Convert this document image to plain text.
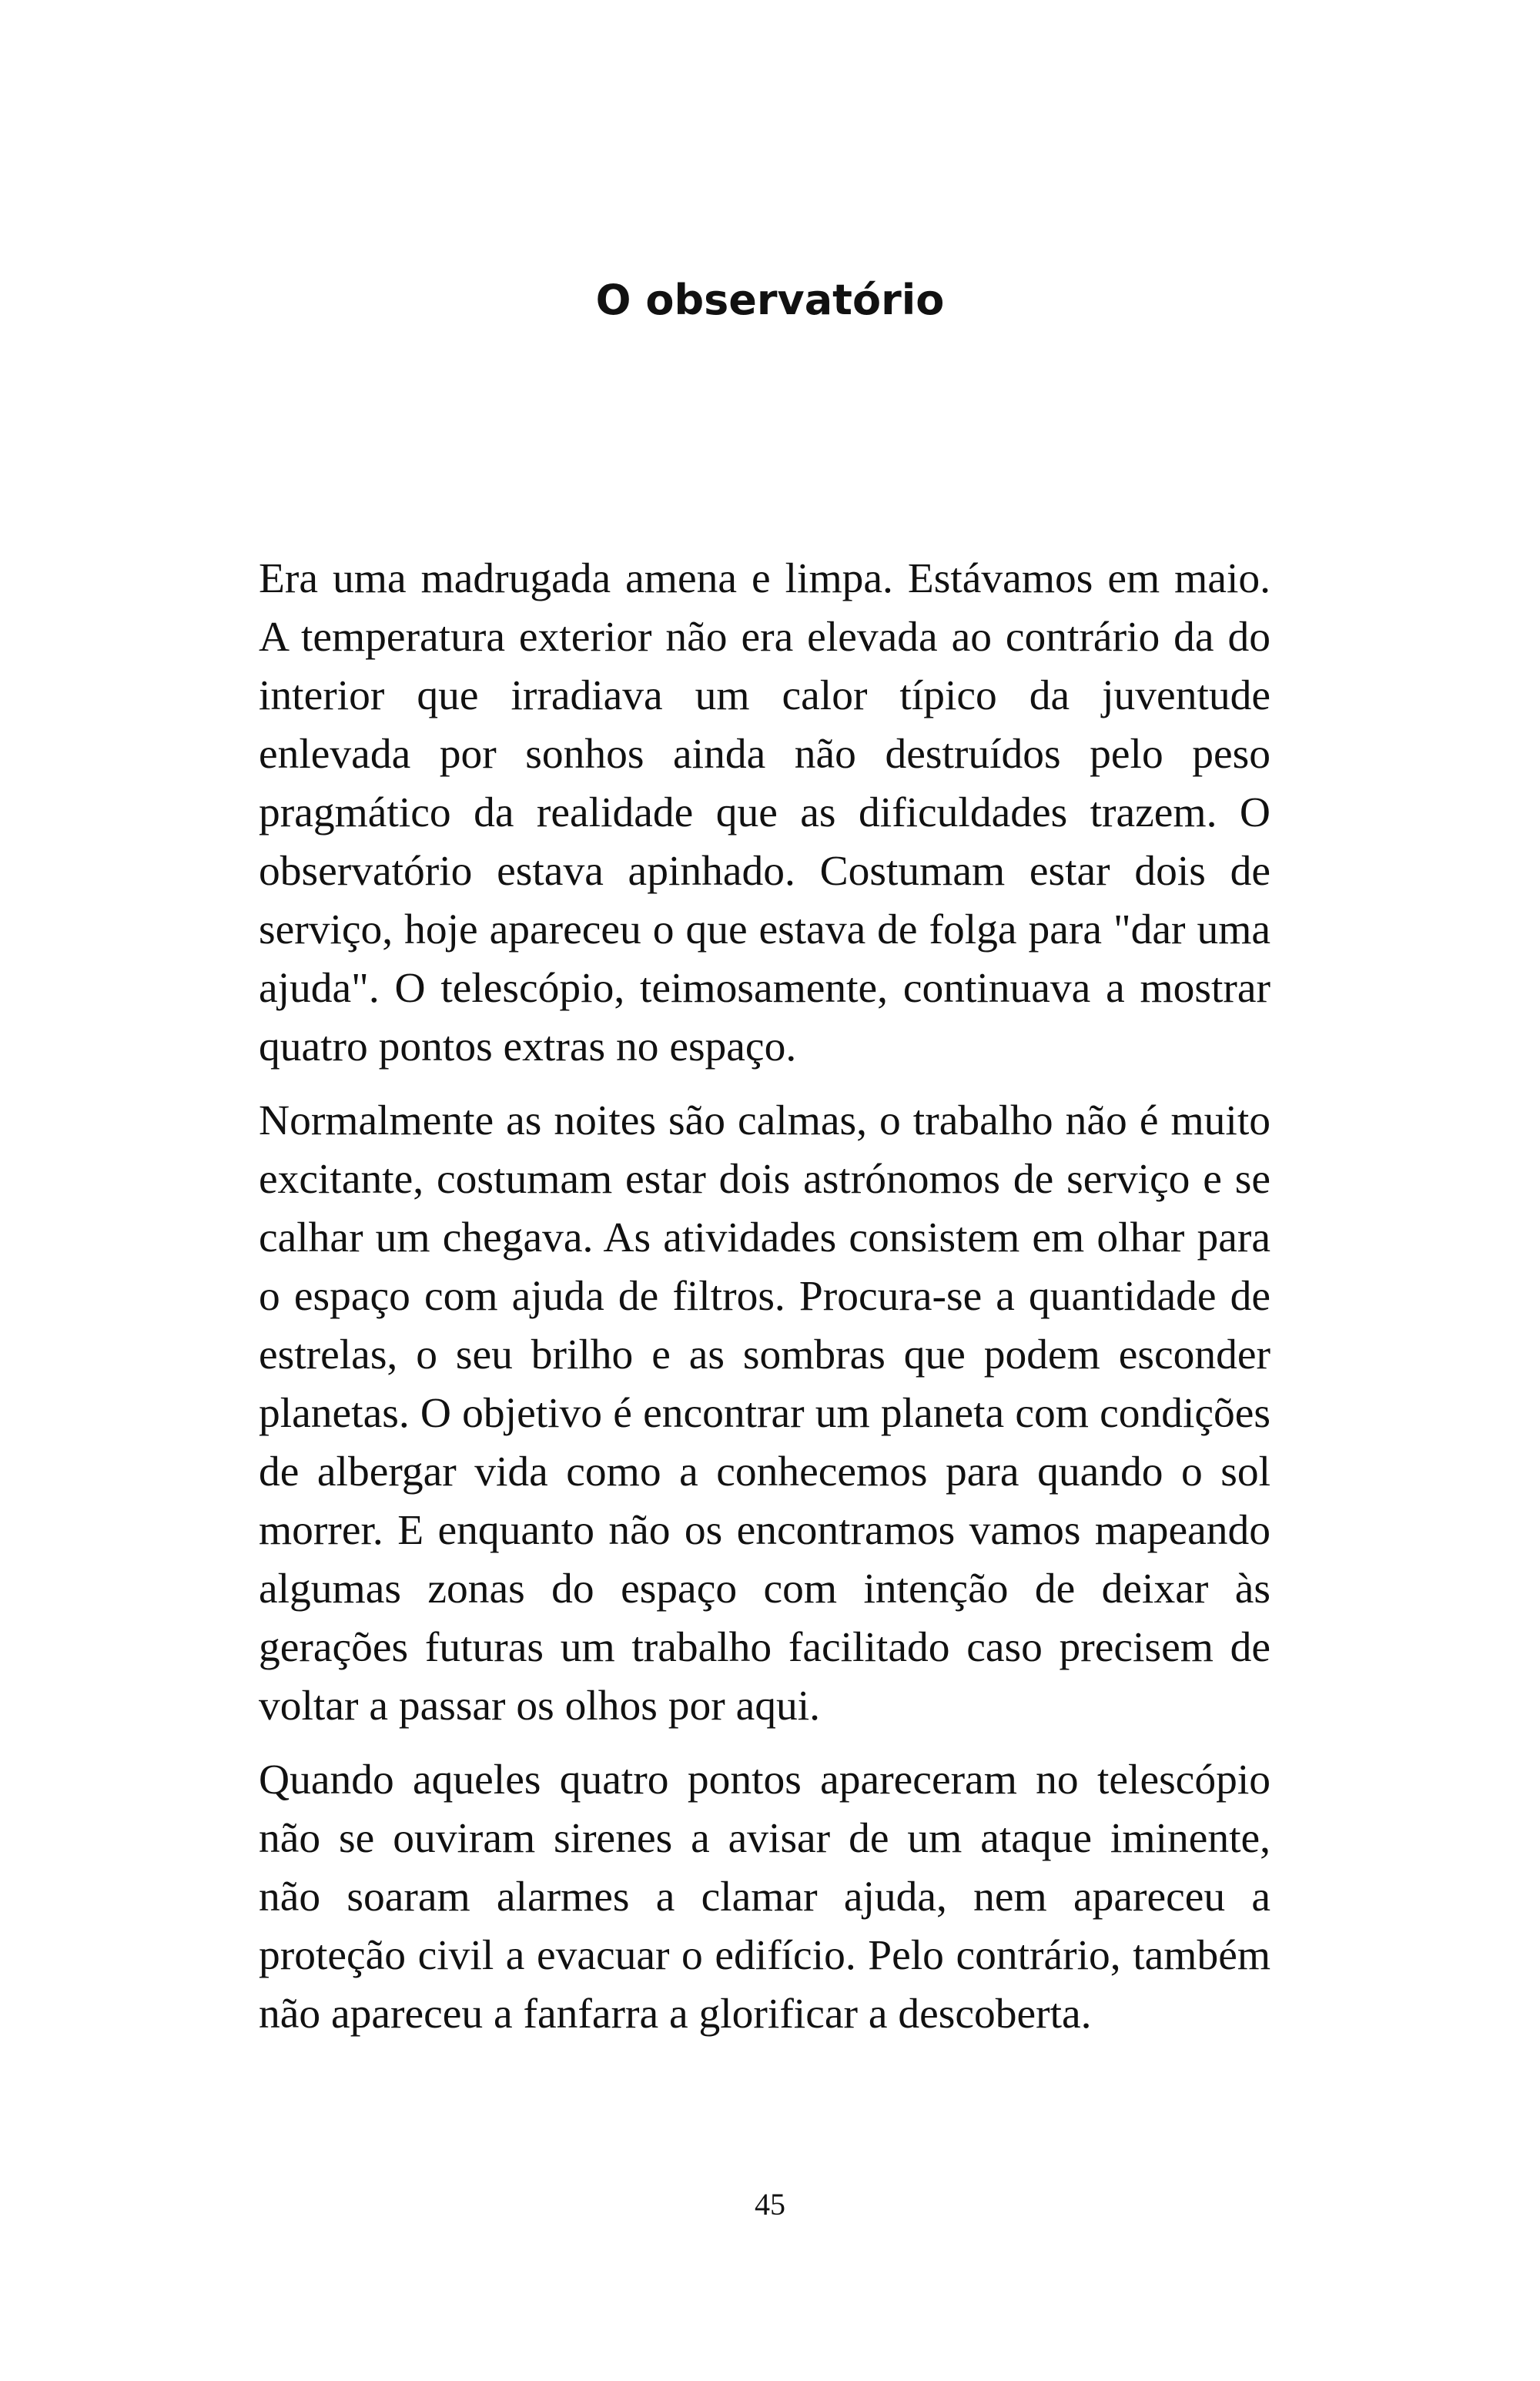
O observatório

Era uma madrugada amena e limpa. Estávamos em maio. A temperatura exterior não era elevada ao contrário da do interior que irradiava um calor típico da juventude enlevada por sonhos ainda não destruídos pelo peso pragmático da realidade que as dificuldades trazem. O observatório estava apinhado. Costumam estar dois de serviço, hoje apareceu o que estava de folga para "dar uma ajuda". O telescópio, teimosamente, continuava a mostrar quatro pontos extras no espaço.

Normalmente as noites são calmas, o trabalho não é muito excitante, costumam estar dois astrónomos de serviço e se calhar um chegava. As atividades consistem em olhar para o espaço com ajuda de filtros. Procura-se a quantidade de estrelas, o seu brilho e as sombras que podem esconder planetas. O objetivo é encontrar um planeta com condições de albergar vida como a conhecemos para quando o sol morrer. E enquanto não os encontramos vamos mapeando algumas zonas do espaço com intenção de deixar às gerações futuras um trabalho facilitado caso precisem de voltar a passar os olhos por aqui.

Quando aqueles quatro pontos apareceram no telescópio não se ouviram sirenes a avisar de um ataque iminente, não soaram alarmes a clamar ajuda, nem apareceu a proteção civil a evacuar o edifício. Pelo contrário, também não apareceu a fanfarra a glorificar a descoberta.

45
